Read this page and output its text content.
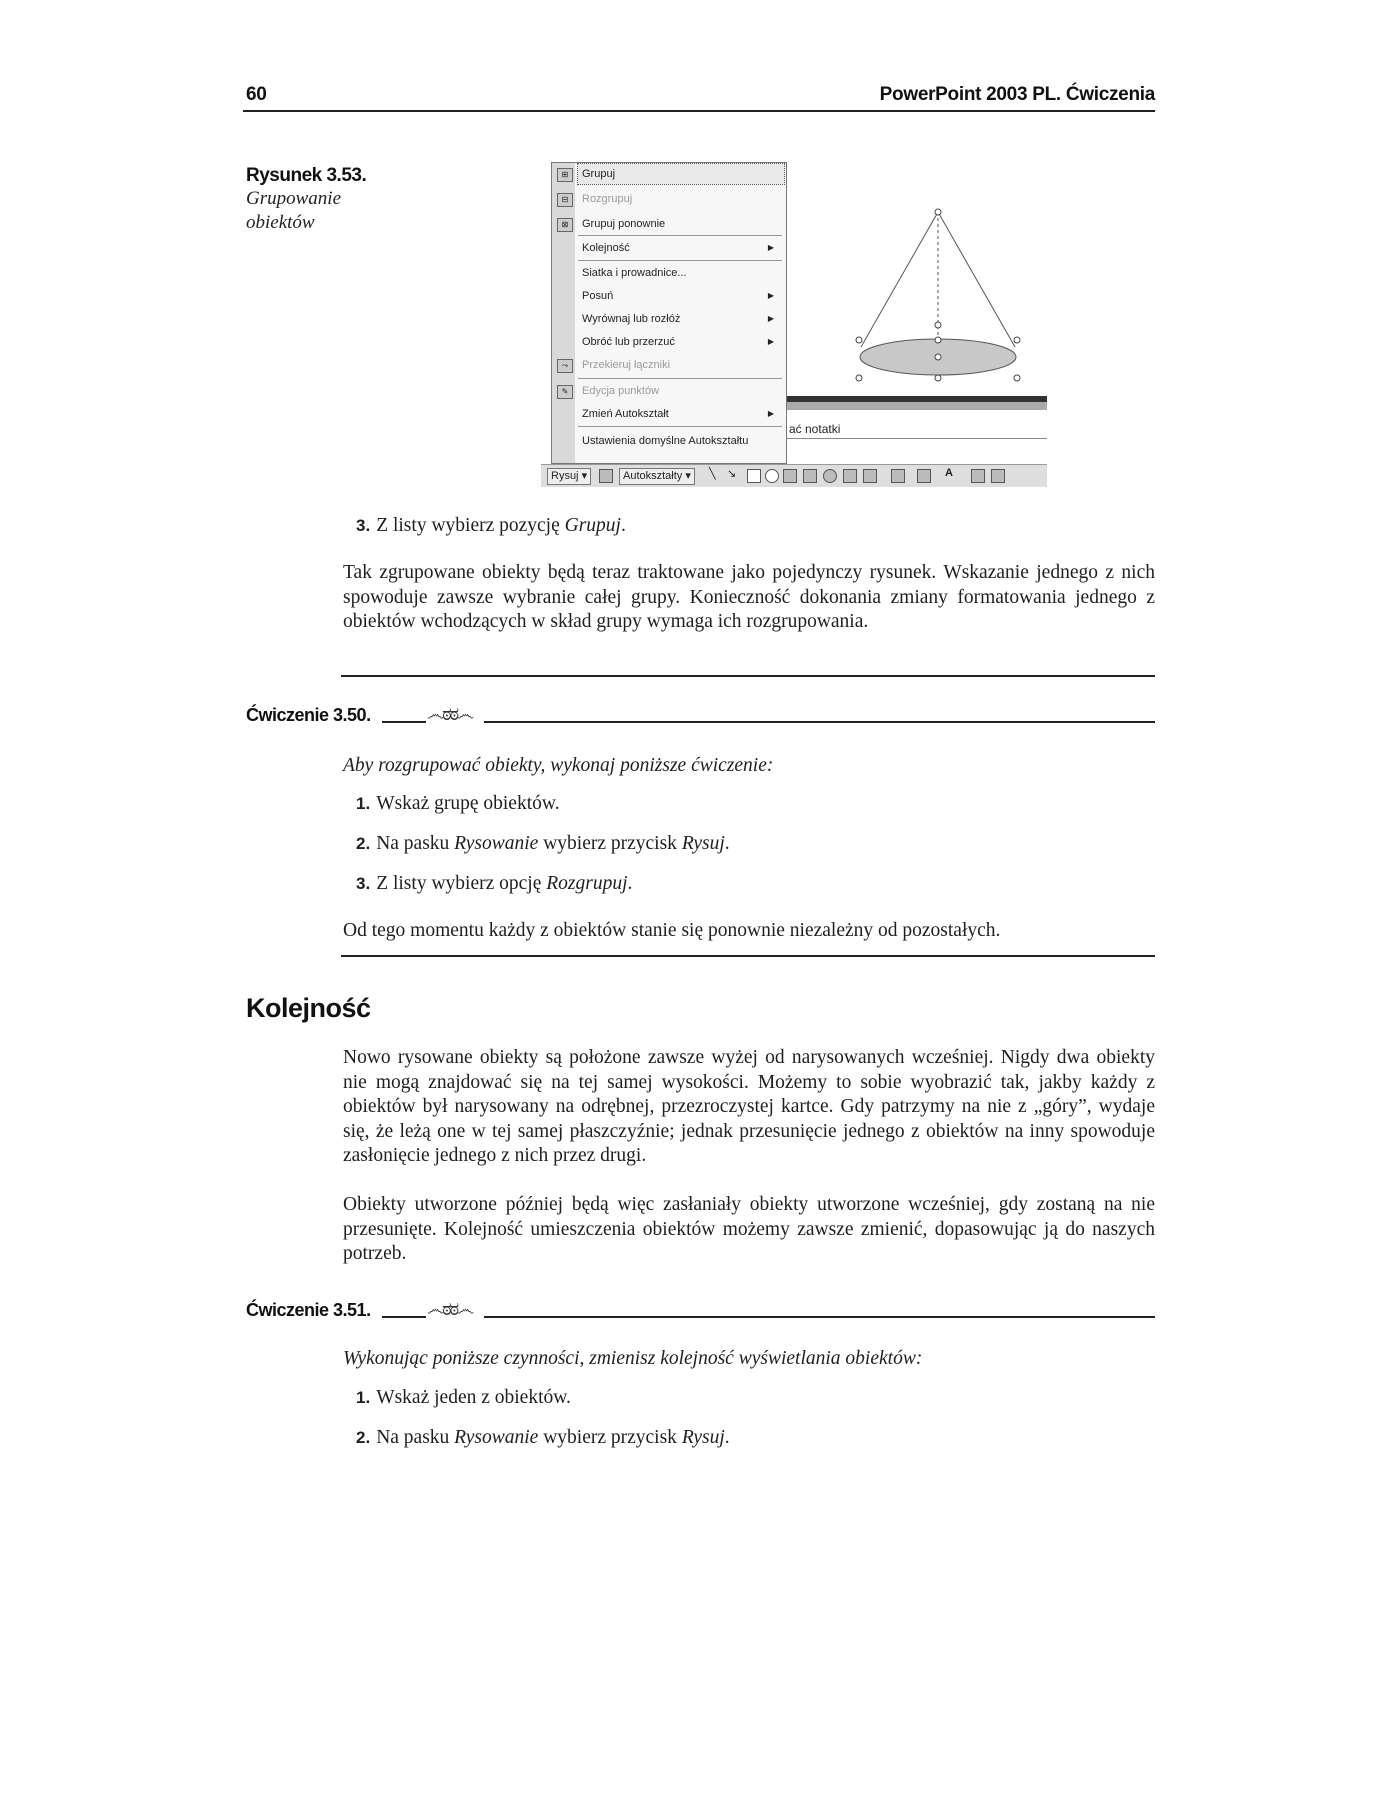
60	PowerPoint 2003 PL. Ćwiczenia
Rysunek 3.53.
Grupowanie
obiektów
ać notatki
⊞	Grupuj
⊟	Rozgrupuj
⊠	Grupuj ponownie
Kolejność	▶
Siatka i prowadnice...
Posuń	▶
Wyrównaj lub rozłóż	▶
Obróć lub przerzuć	▶
⤳	Przekieruj łączniki
✎	Edycja punktów
Zmień Autokształt	▶
Ustawienia domyślne Autokształtu
Rysuj ▾	Autokształty ▾	╲ ↘	A
3. Z listy wybierz pozycję Grupuj.
Tak zgrupowane obiekty będą teraz traktowane jako pojedynczy rysunek. Wskazanie jednego z nich spowoduje zawsze wybranie całej grupy. Konieczność dokonania zmiany formatowania jednego z obiektów wchodzących w skład grupy wymaga ich rozgrupowania.
Ćwiczenie 3.50.	෴ಠಠ෴
Aby rozgrupować obiekty, wykonaj poniższe ćwiczenie:
1. Wskaż grupę obiektów.
2. Na pasku Rysowanie wybierz przycisk Rysuj.
3. Z listy wybierz opcję Rozgrupuj.
Od tego momentu każdy z obiektów stanie się ponownie niezależny od pozostałych.
Kolejność
Nowo rysowane obiekty są położone zawsze wyżej od narysowanych wcześniej. Nigdy dwa obiekty nie mogą znajdować się na tej samej wysokości. Możemy to sobie wyobrazić tak, jakby każdy z obiektów był narysowany na odrębnej, przezroczystej kartce. Gdy patrzymy na nie z „góry”, wydaje się, że leżą one w tej samej płaszczyźnie; jednak przesunięcie jednego z obiektów na inny spowoduje zasłonięcie jednego z nich przez drugi.
Obiekty utworzone później będą więc zasłaniały obiekty utworzone wcześniej, gdy zostaną na nie przesunięte. Kolejność umieszczenia obiektów możemy zawsze zmienić, dopasowując ją do naszych potrzeb.
Ćwiczenie 3.51.	෴ಠಠ෴
Wykonując poniższe czynności, zmienisz kolejność wyświetlania obiektów:
1. Wskaż jeden z obiektów.
2. Na pasku Rysowanie wybierz przycisk Rysuj.
